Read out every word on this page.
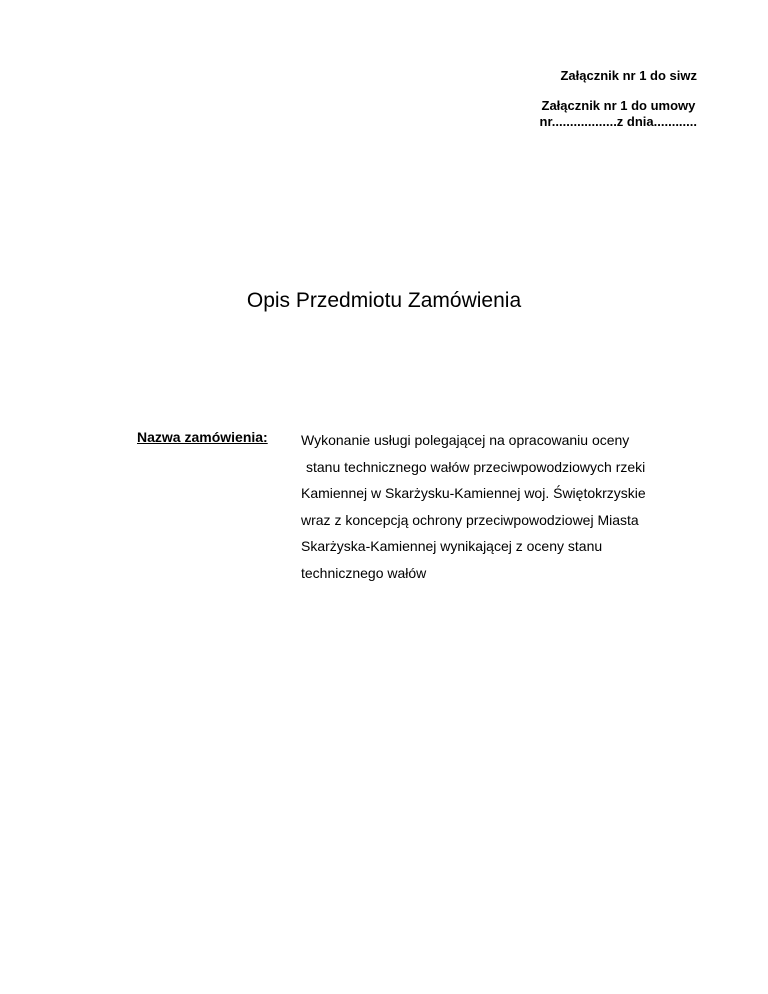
Załącznik nr 1 do siwz
Załącznik nr 1 do umowy
nr..................z dnia............
Opis Przedmiotu Zamówienia
Nazwa zamówienia: Wykonanie usługi polegającej na opracowaniu oceny
stanu technicznego wałów przeciwpowodziowych rzeki
Kamiennej w Skarżysku-Kamiennej woj. Świętokrzyskie
wraz z koncepcją ochrony przeciwpowodziowej Miasta
Skarżyska-Kamiennej wynikającej z oceny stanu
technicznego wałów
